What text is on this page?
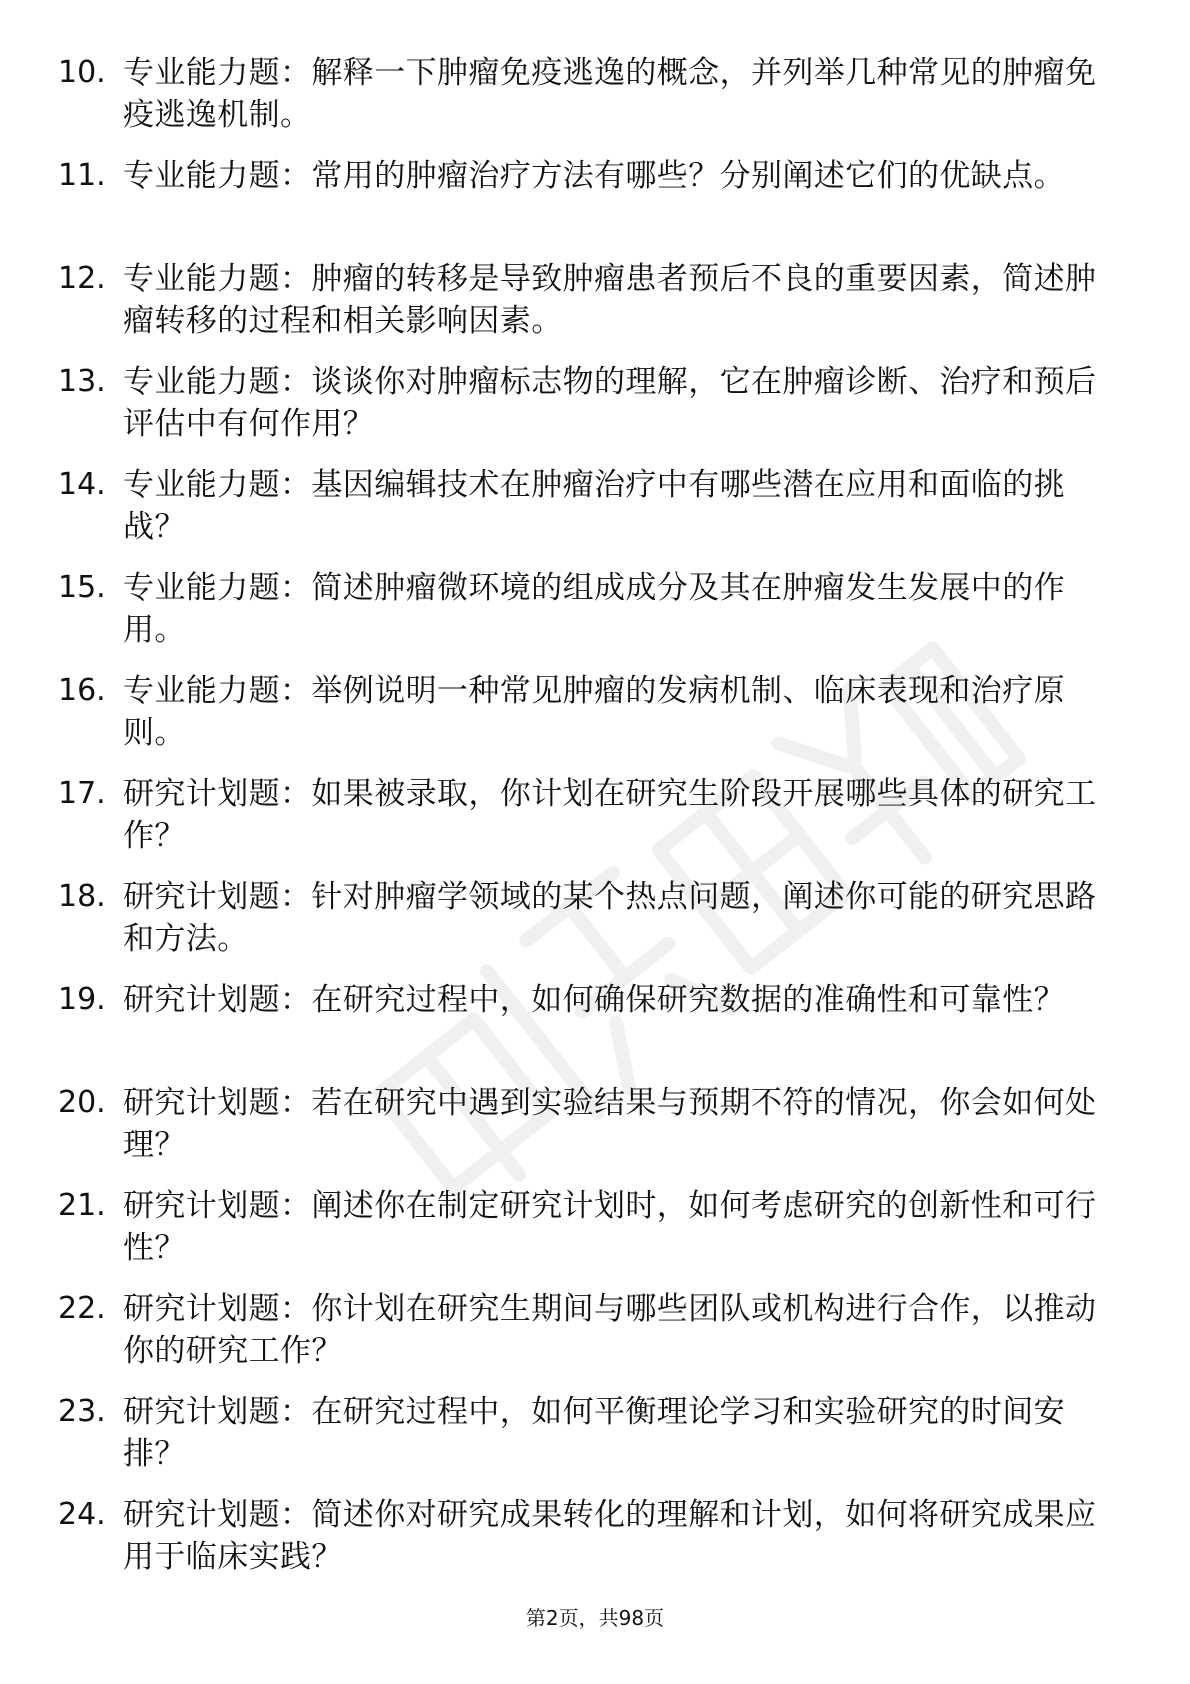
10. 专业能力题：解释一下肿瘤免疫逃逸的概念，并列举几种常见的肿瘤免疫逃逸机制。
11. 专业能力题：常用的肿瘤治疗方法有哪些？分别阐述它们的优缺点。
12. 专业能力题：肿瘤的转移是导致肿瘤患者预后不良的重要因素，简述肿瘤转移的过程和相关影响因素。
13. 专业能力题：谈谈你对肿瘤标志物的理解，它在肿瘤诊断、治疗和预后评估中有何作用？
14. 专业能力题：基因编辑技术在肿瘤治疗中有哪些潜在应用和面临的挑战？
15. 专业能力题：简述肿瘤微环境的组成成分及其在肿瘤发生发展中的作用。
16. 专业能力题：举例说明一种常见肿瘤的发病机制、临床表现和治疗原则。
17. 研究计划题：如果被录取，你计划在研究生阶段开展哪些具体的研究工作？
18. 研究计划题：针对肿瘤学领域的某个热点问题，阐述你可能的研究思路和方法。
19. 研究计划题：在研究过程中，如何确保研究数据的准确性和可靠性？
20. 研究计划题：若在研究中遇到实验结果与预期不符的情况，你会如何处理？
21. 研究计划题：阐述你在制定研究计划时，如何考虑研究的创新性和可行性？
22. 研究计划题：你计划在研究生期间与哪些团队或机构进行合作，以推动你的研究工作？
23. 研究计划题：在研究过程中，如何平衡理论学习和实验研究的时间安排？
24. 研究计划题：简述你对研究成果转化的理解和计划，如何将研究成果应用于临床实践？
第2页，共98页
